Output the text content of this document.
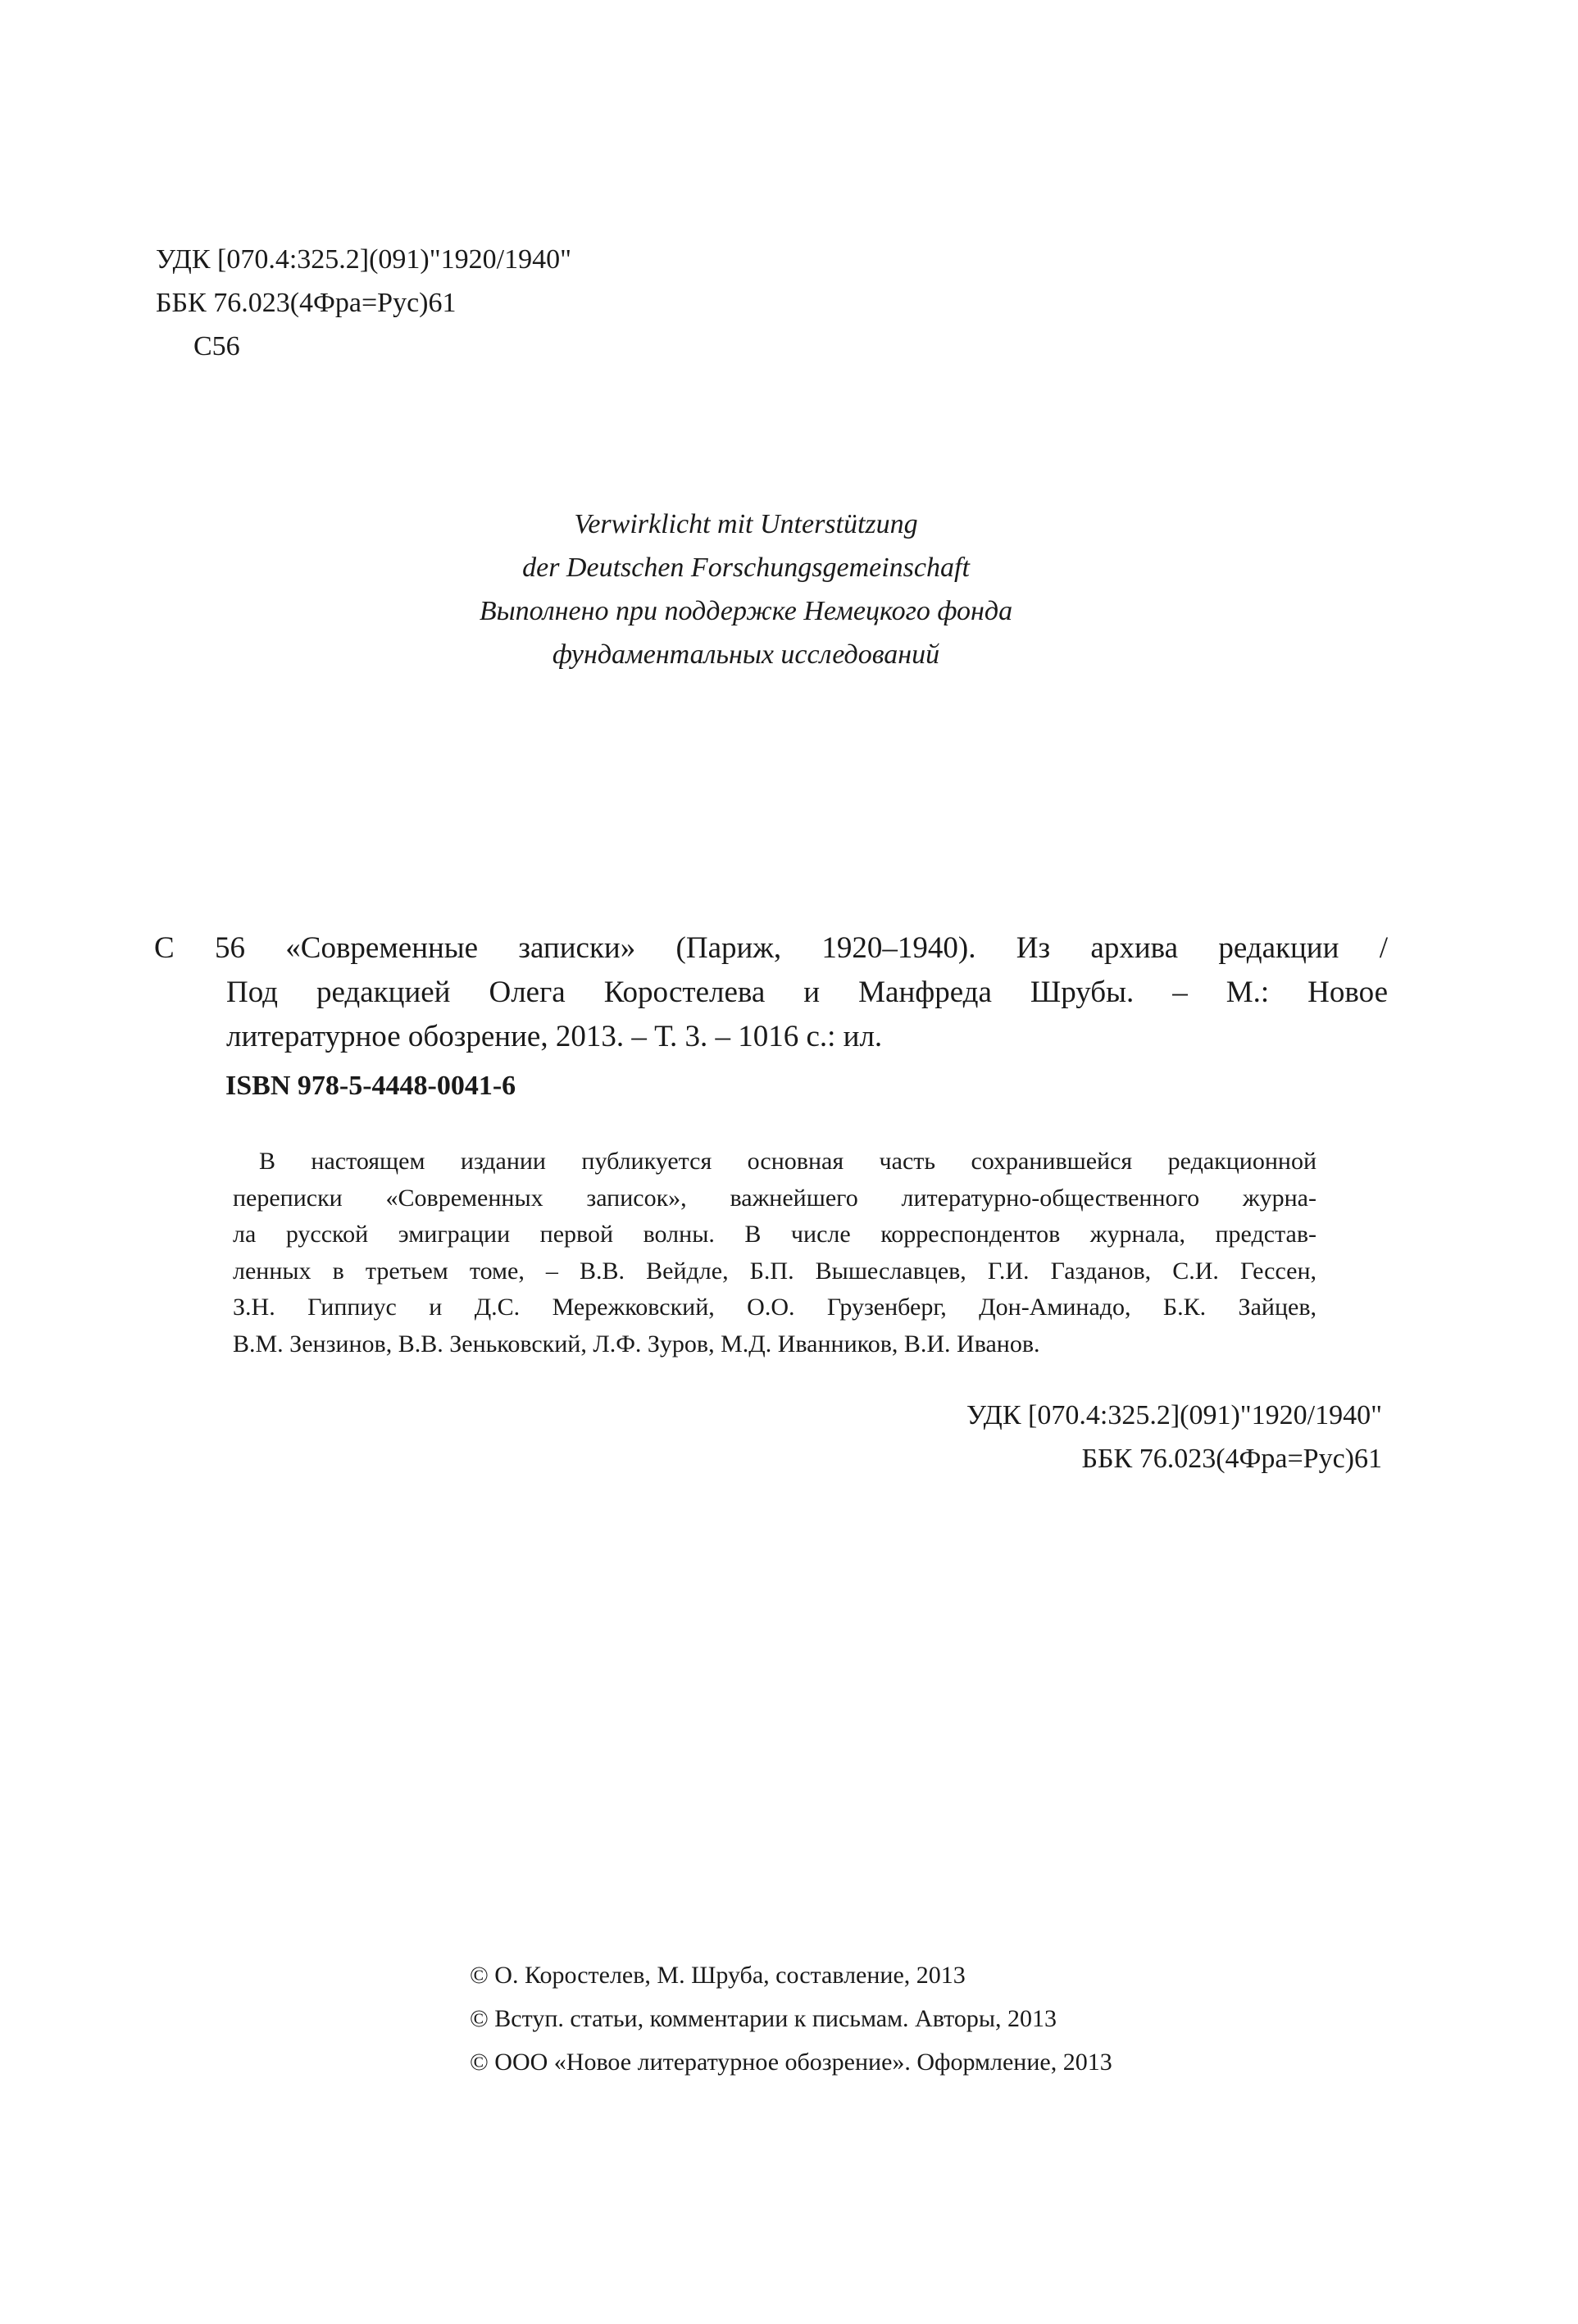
УДК [070.4:325.2](091)"1920/1940"
ББК 76.023(4Фра=Рус)61
С56
Verwirklicht mit Unterstützung
der Deutschen Forschungsgemeinschaft
Выполнено при поддержке Немецкого фонда
фундаментальных исследований
С 56 «Современные записки» (Париж, 1920–1940). Из архива редакции /
Под редакцией Олега Коростелева и Манфреда Шрубы. – М.: Новое
литературное обозрение, 2013. – Т. 3. – 1016 с.: ил.
ISBN 978-5-4448-0041-6
В настоящем издании публикуется основная часть сохранившейся редакционной
переписки «Современных записок», важнейшего литературно-общественного журна-
ла русской эмиграции первой волны. В числе корреспондентов журнала, представ-
ленных в третьем томе, – В.В. Вейдле, Б.П. Вышеславцев, Г.И. Газданов, С.И. Гессен,
З.Н. Гиппиус и Д.С. Мережковский, О.О. Грузенберг, Дон-Аминадо, Б.К. Зайцев,
В.М. Зензинов, В.В. Зеньковский, Л.Ф. Зуров, М.Д. Иванников, В.И. Иванов.
УДК [070.4:325.2](091)"1920/1940"
ББК 76.023(4Фра=Рус)61
© О. Коростелев, М. Шруба, составление, 2013
© Вступ. статьи, комментарии к письмам. Авторы, 2013
© ООО «Новое литературное обозрение». Оформление, 2013
